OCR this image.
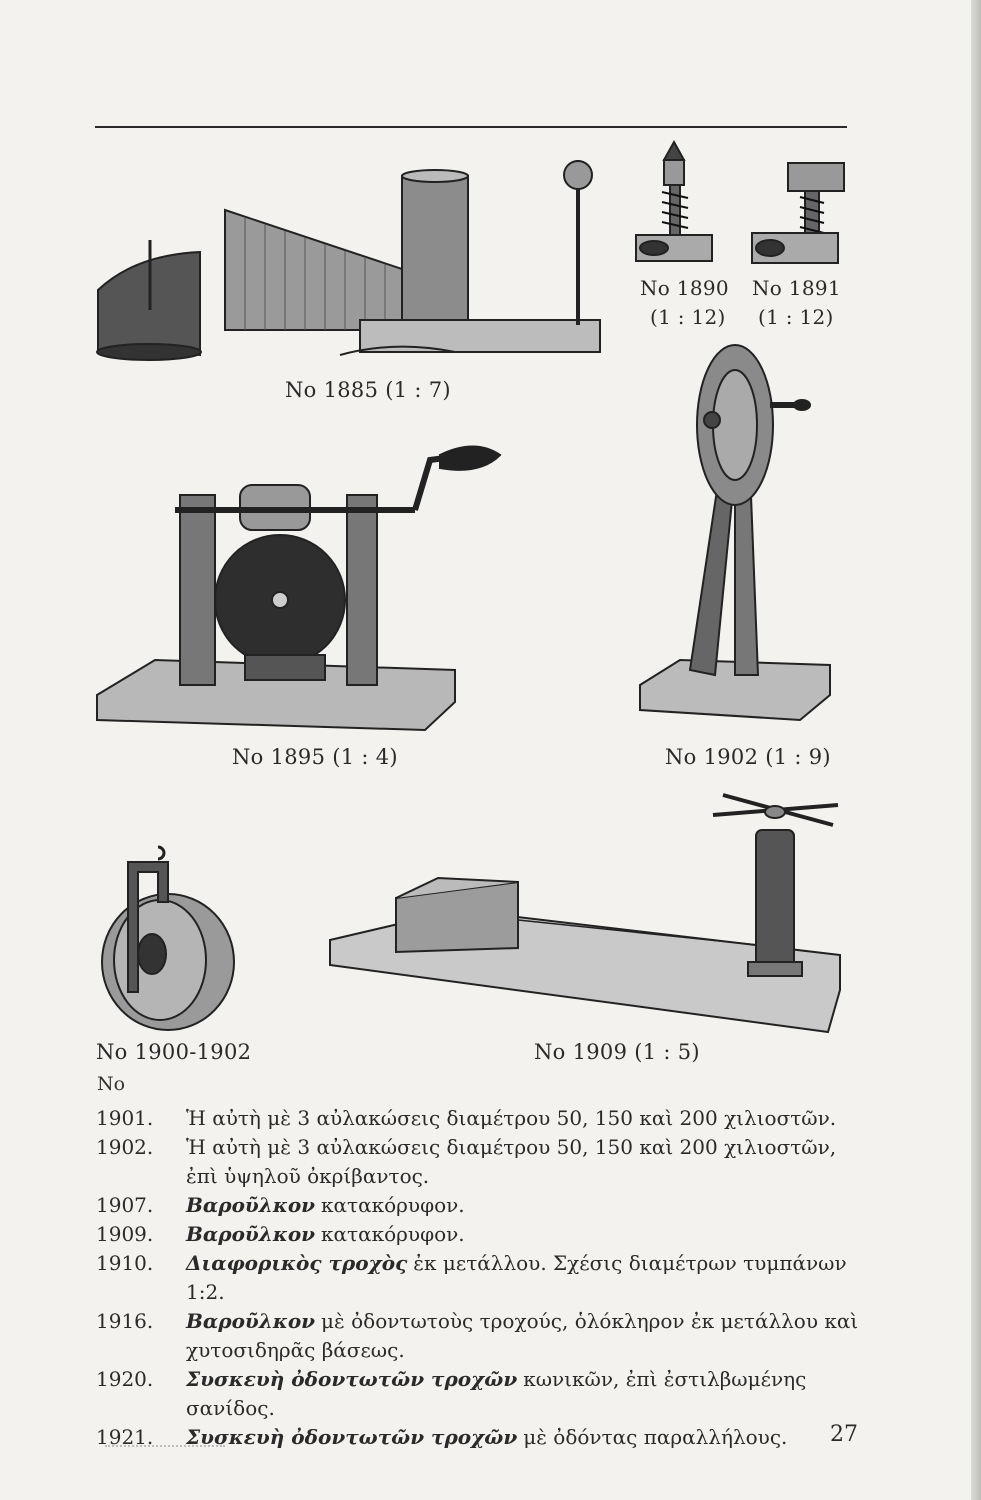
No 1885 (1 : 7)
No 1890
(1 : 12)
No 1891
(1 : 12)
No 1895 (1 : 4)	No 1902 (1 : 9)
No 1900-1902	No 1909 (1 : 5)
No
1901.	Ἡ αὐτὴ μὲ 3 αὐλακώσεις διαμέτρου 50, 150 καὶ 200 χιλιοστῶν.
1902.	Ἡ αὐτὴ μὲ 3 αὐλακώσεις διαμέτρου 50, 150 καὶ 200 χιλιοστῶν,
ἐπὶ ὑψηλοῦ ὀκρίβαντος.
1907.	Βαροῦλκον κατακόρυφον.
1909.	Βαροῦλκον κατακόρυφον.
1910.	Διαφορικὸς τροχὸς ἐκ μετάλλου. Σχέσις διαμέτρων τυμπάνων 1:2.
1916.	Βαροῦλκον μὲ ὀδοντωτοὺς τροχούς, ὁλόκληρον ἐκ μετάλλου καὶ
χυτοσιδηρᾶς βάσεως.
1920.	Συσκευὴ ὀδοντωτῶν τροχῶν κωνικῶν, ἐπὶ ἐστιλβωμένης σανίδος.
1921.	Συσκευὴ ὀδοντωτῶν τροχῶν μὲ ὀδόντας παραλλήλους.	27
